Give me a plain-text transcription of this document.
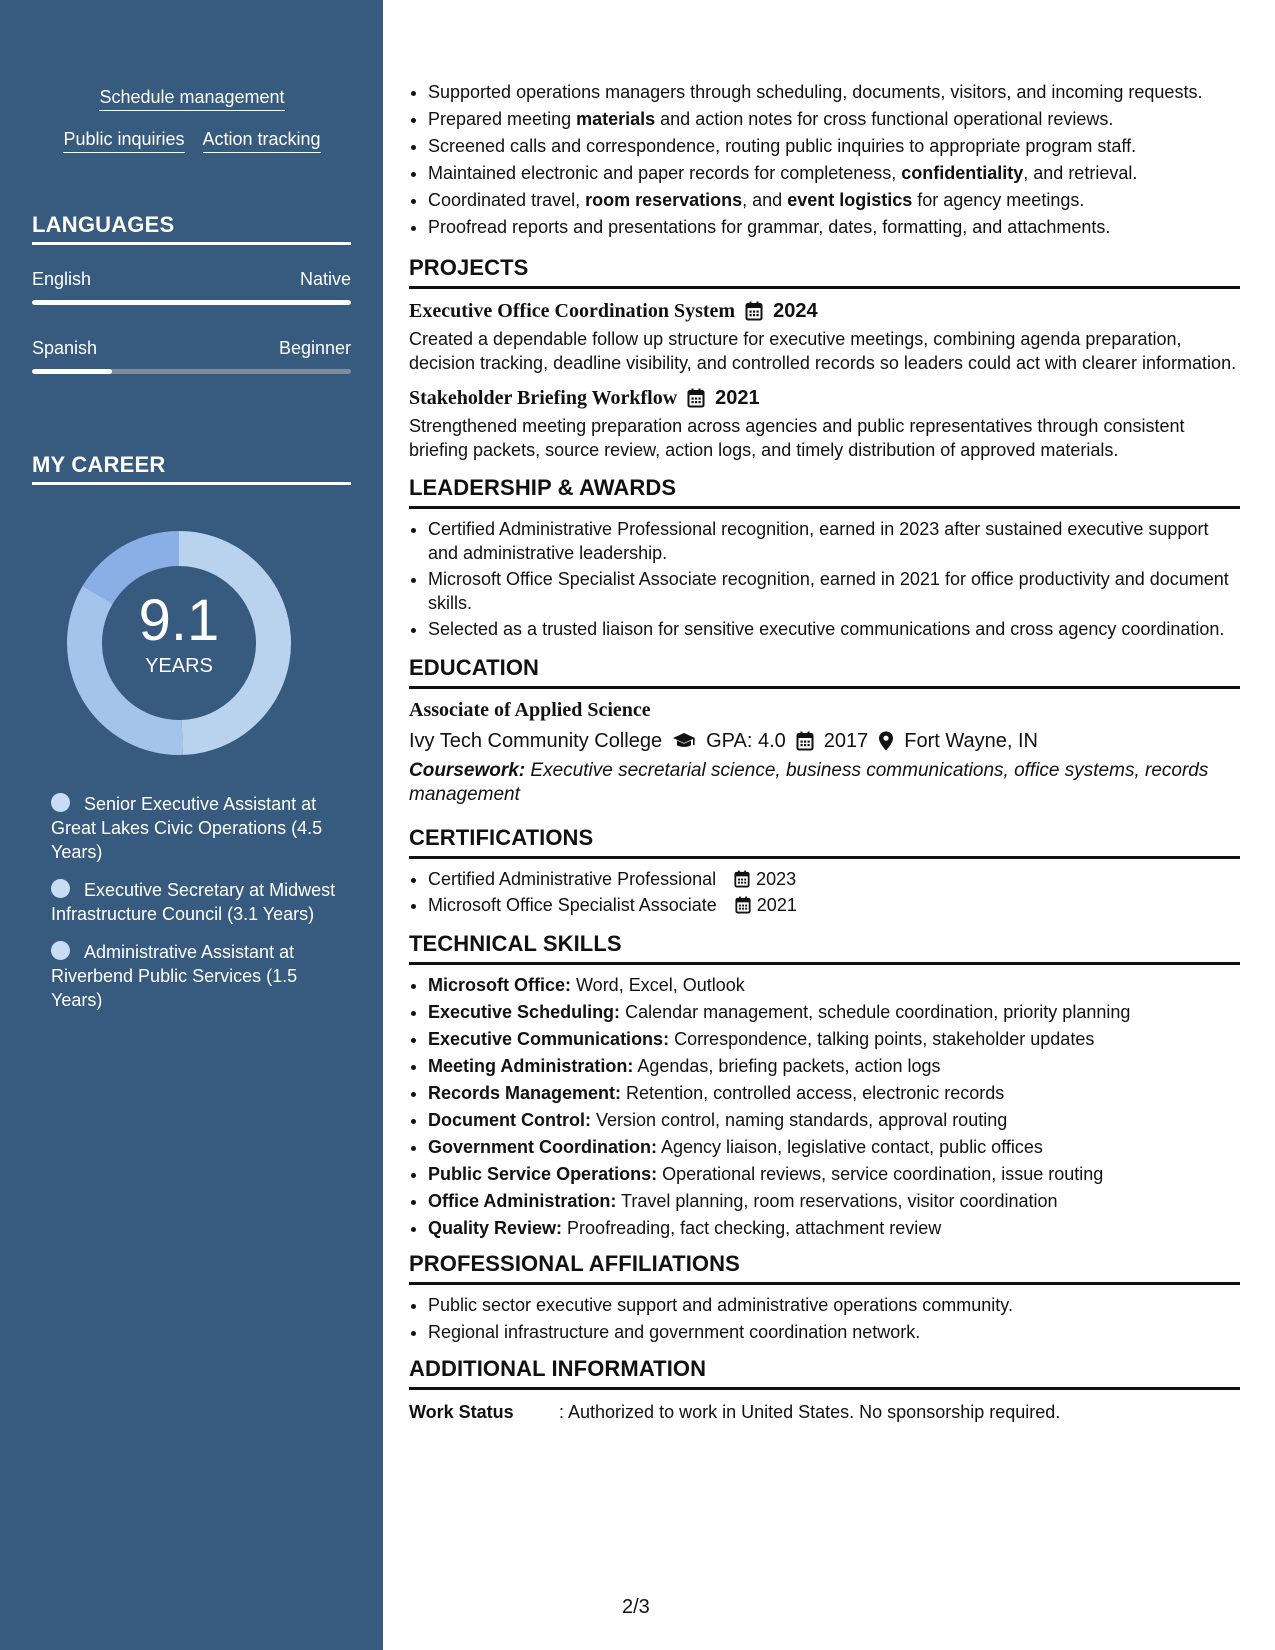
Schedule management
Public inquiries Action tracking
LANGUAGES
English	Native
Spanish	Beginner
MY CAREER
9.1
YEARS
Senior Executive Assistant at Great Lakes Civic Operations (4.5 Years)
Executive Secretary at Midwest Infrastructure Council (3.1 Years)
Administrative Assistant at Riverbend Public Services (1.5 Years)
• Supported operations managers through scheduling, documents, visitors, and incoming requests.
• Prepared meeting materials and action notes for cross functional operational reviews.
• Screened calls and correspondence, routing public inquiries to appropriate program staff.
• Maintained electronic and paper records for completeness, confidentiality, and retrieval.
• Coordinated travel, room reservations, and event logistics for agency meetings.
• Proofread reports and presentations for grammar, dates, formatting, and attachments.
PROJECTS
Executive Office Coordination System 2024
Created a dependable follow up structure for executive meetings, combining agenda preparation, decision tracking, deadline visibility, and controlled records so leaders could act with clearer information.
Stakeholder Briefing Workflow 2021
Strengthened meeting preparation across agencies and public representatives through consistent briefing packets, source review, action logs, and timely distribution of approved materials.
LEADERSHIP & AWARDS
• Certified Administrative Professional recognition, earned in 2023 after sustained executive support and administrative leadership.
• Microsoft Office Specialist Associate recognition, earned in 2021 for office productivity and document skills.
• Selected as a trusted liaison for sensitive executive communications and cross agency coordination.
EDUCATION
Associate of Applied Science
Ivy Tech Community College GPA: 4.0 2017 Fort Wayne, IN
Coursework: Executive secretarial science, business communications, office systems, records management
CERTIFICATIONS
• Certified Administrative Professional 2023
• Microsoft Office Specialist Associate 2021
TECHNICAL SKILLS
• Microsoft Office: Word, Excel, Outlook
• Executive Scheduling: Calendar management, schedule coordination, priority planning
• Executive Communications: Correspondence, talking points, stakeholder updates
• Meeting Administration: Agendas, briefing packets, action logs
• Records Management: Retention, controlled access, electronic records
• Document Control: Version control, naming standards, approval routing
• Government Coordination: Agency liaison, legislative contact, public offices
• Public Service Operations: Operational reviews, service coordination, issue routing
• Office Administration: Travel planning, room reservations, visitor coordination
• Quality Review: Proofreading, fact checking, attachment review
PROFESSIONAL AFFILIATIONS
• Public sector executive support and administrative operations community.
• Regional infrastructure and government coordination network.
ADDITIONAL INFORMATION
Work Status	: Authorized to work in United States. No sponsorship required.
2/3
